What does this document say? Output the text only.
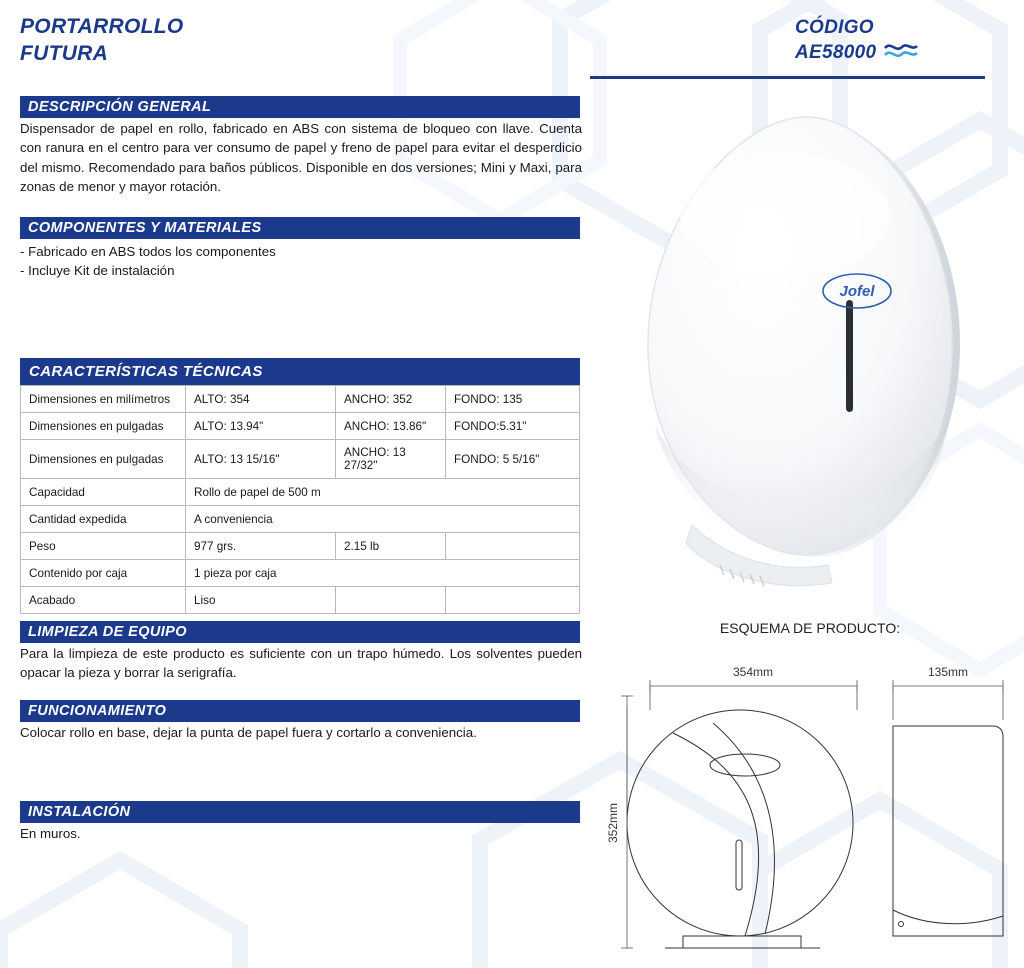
PORTARROLLO
FUTURA
CÓDIGO
AE58000
DESCRIPCIÓN GENERAL
Dispensador de papel en rollo, fabricado en ABS con sistema de bloqueo con llave. Cuenta con ranura en el centro para ver consumo de papel y freno de papel para evitar el desperdicio del mismo. Recomendado para baños públicos. Disponible en dos versiones; Mini y Maxi, para zonas de menor y mayor rotación.
COMPONENTES Y MATERIALES
- Fabricado en ABS todos los componentes
- Incluye Kit de instalación
CARACTERÍSTICAS TÉCNICAS
Dimensiones en milímetros	ALTO: 354	ANCHO: 352	FONDO: 135
Dimensiones en pulgadas	ALTO: 13.94"	ANCHO: 13.86"	FONDO:5.31"
Dimensiones en pulgadas	ALTO: 13 15/16"	ANCHO: 13 27/32"	FONDO: 5 5/16"
Capacidad	Rollo de papel de 500 m		
Cantidad expedida	A conveniencia		
Peso	977 grs.	2.15 lb	
Contenido por caja	1 pieza por caja		
Acabado	Liso		
LIMPIEZA DE EQUIPO
Para la limpieza de este producto es suficiente con un trapo húmedo. Los solventes pueden opacar la pieza y borrar la serigrafía.
FUNCIONAMIENTO
Colocar rollo en base, dejar la punta de papel fuera y cortarlo a conveniencia.
INSTALACIÓN
En muros.
Jofel
ESQUEMA DE PRODUCTO:
354mm	135mm
352mm
